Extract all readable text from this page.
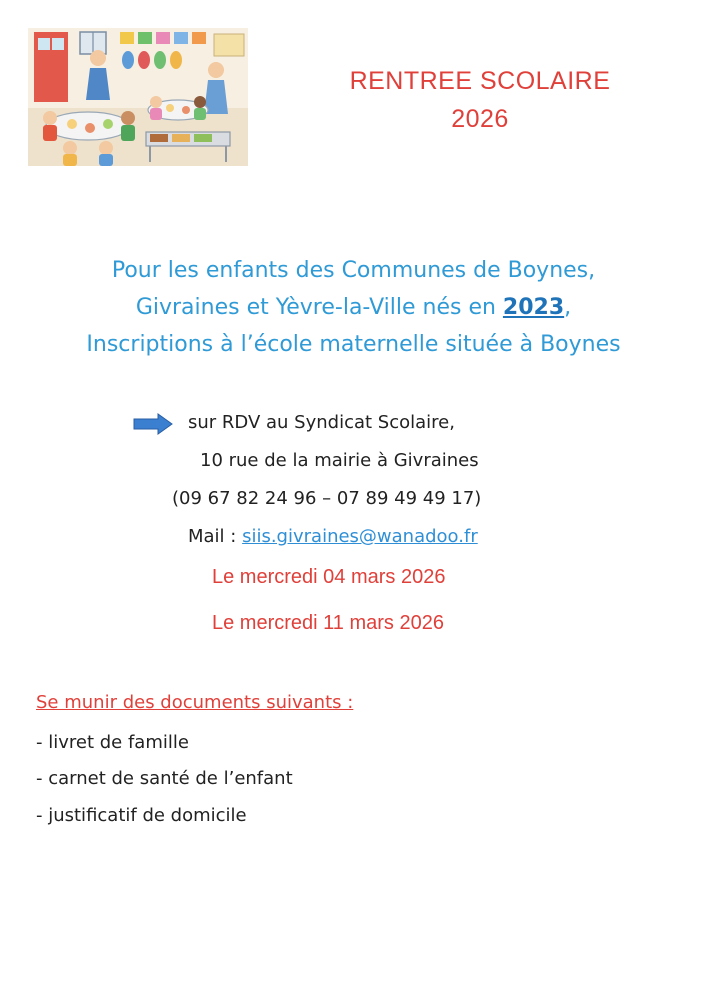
RENTREE SCOLAIRE
2026
Pour les enfants des Communes de Boynes,
Givraines et Yèvre-la-Ville nés en 2023,
Inscriptions à l’école maternelle située à Boynes
sur RDV au Syndicat Scolaire,
10 rue de la mairie à Givraines
(09 67 82 24 96 – 07 89 49 49 17)
Mail : siis.givraines@wanadoo.fr
Le mercredi 04 mars 2026
Le mercredi 11 mars 2026
Se munir des documents suivants :
- livret de famille
- carnet de santé de l’enfant
- justificatif de domicile
